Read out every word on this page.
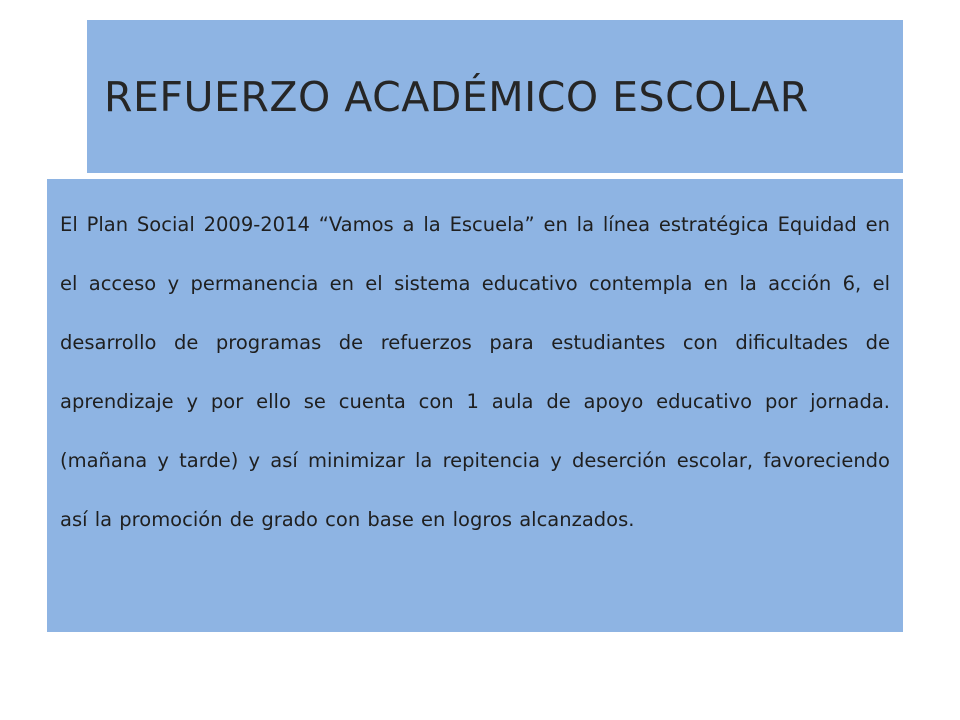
REFUERZO ACADÉMICO ESCOLAR

El Plan Social 2009-2014 “Vamos a la Escuela” en la línea estratégica Equidad en el acceso y permanencia en el sistema educativo contempla en la acción 6, el desarrollo de programas de refuerzos para estudiantes con dificultades de aprendizaje y por ello se cuenta con 1 aula de apoyo educativo por jornada.(mañana y tarde) y así minimizar la repitencia y deserción escolar, favoreciendo así la promoción de grado con base en logros alcanzados.
